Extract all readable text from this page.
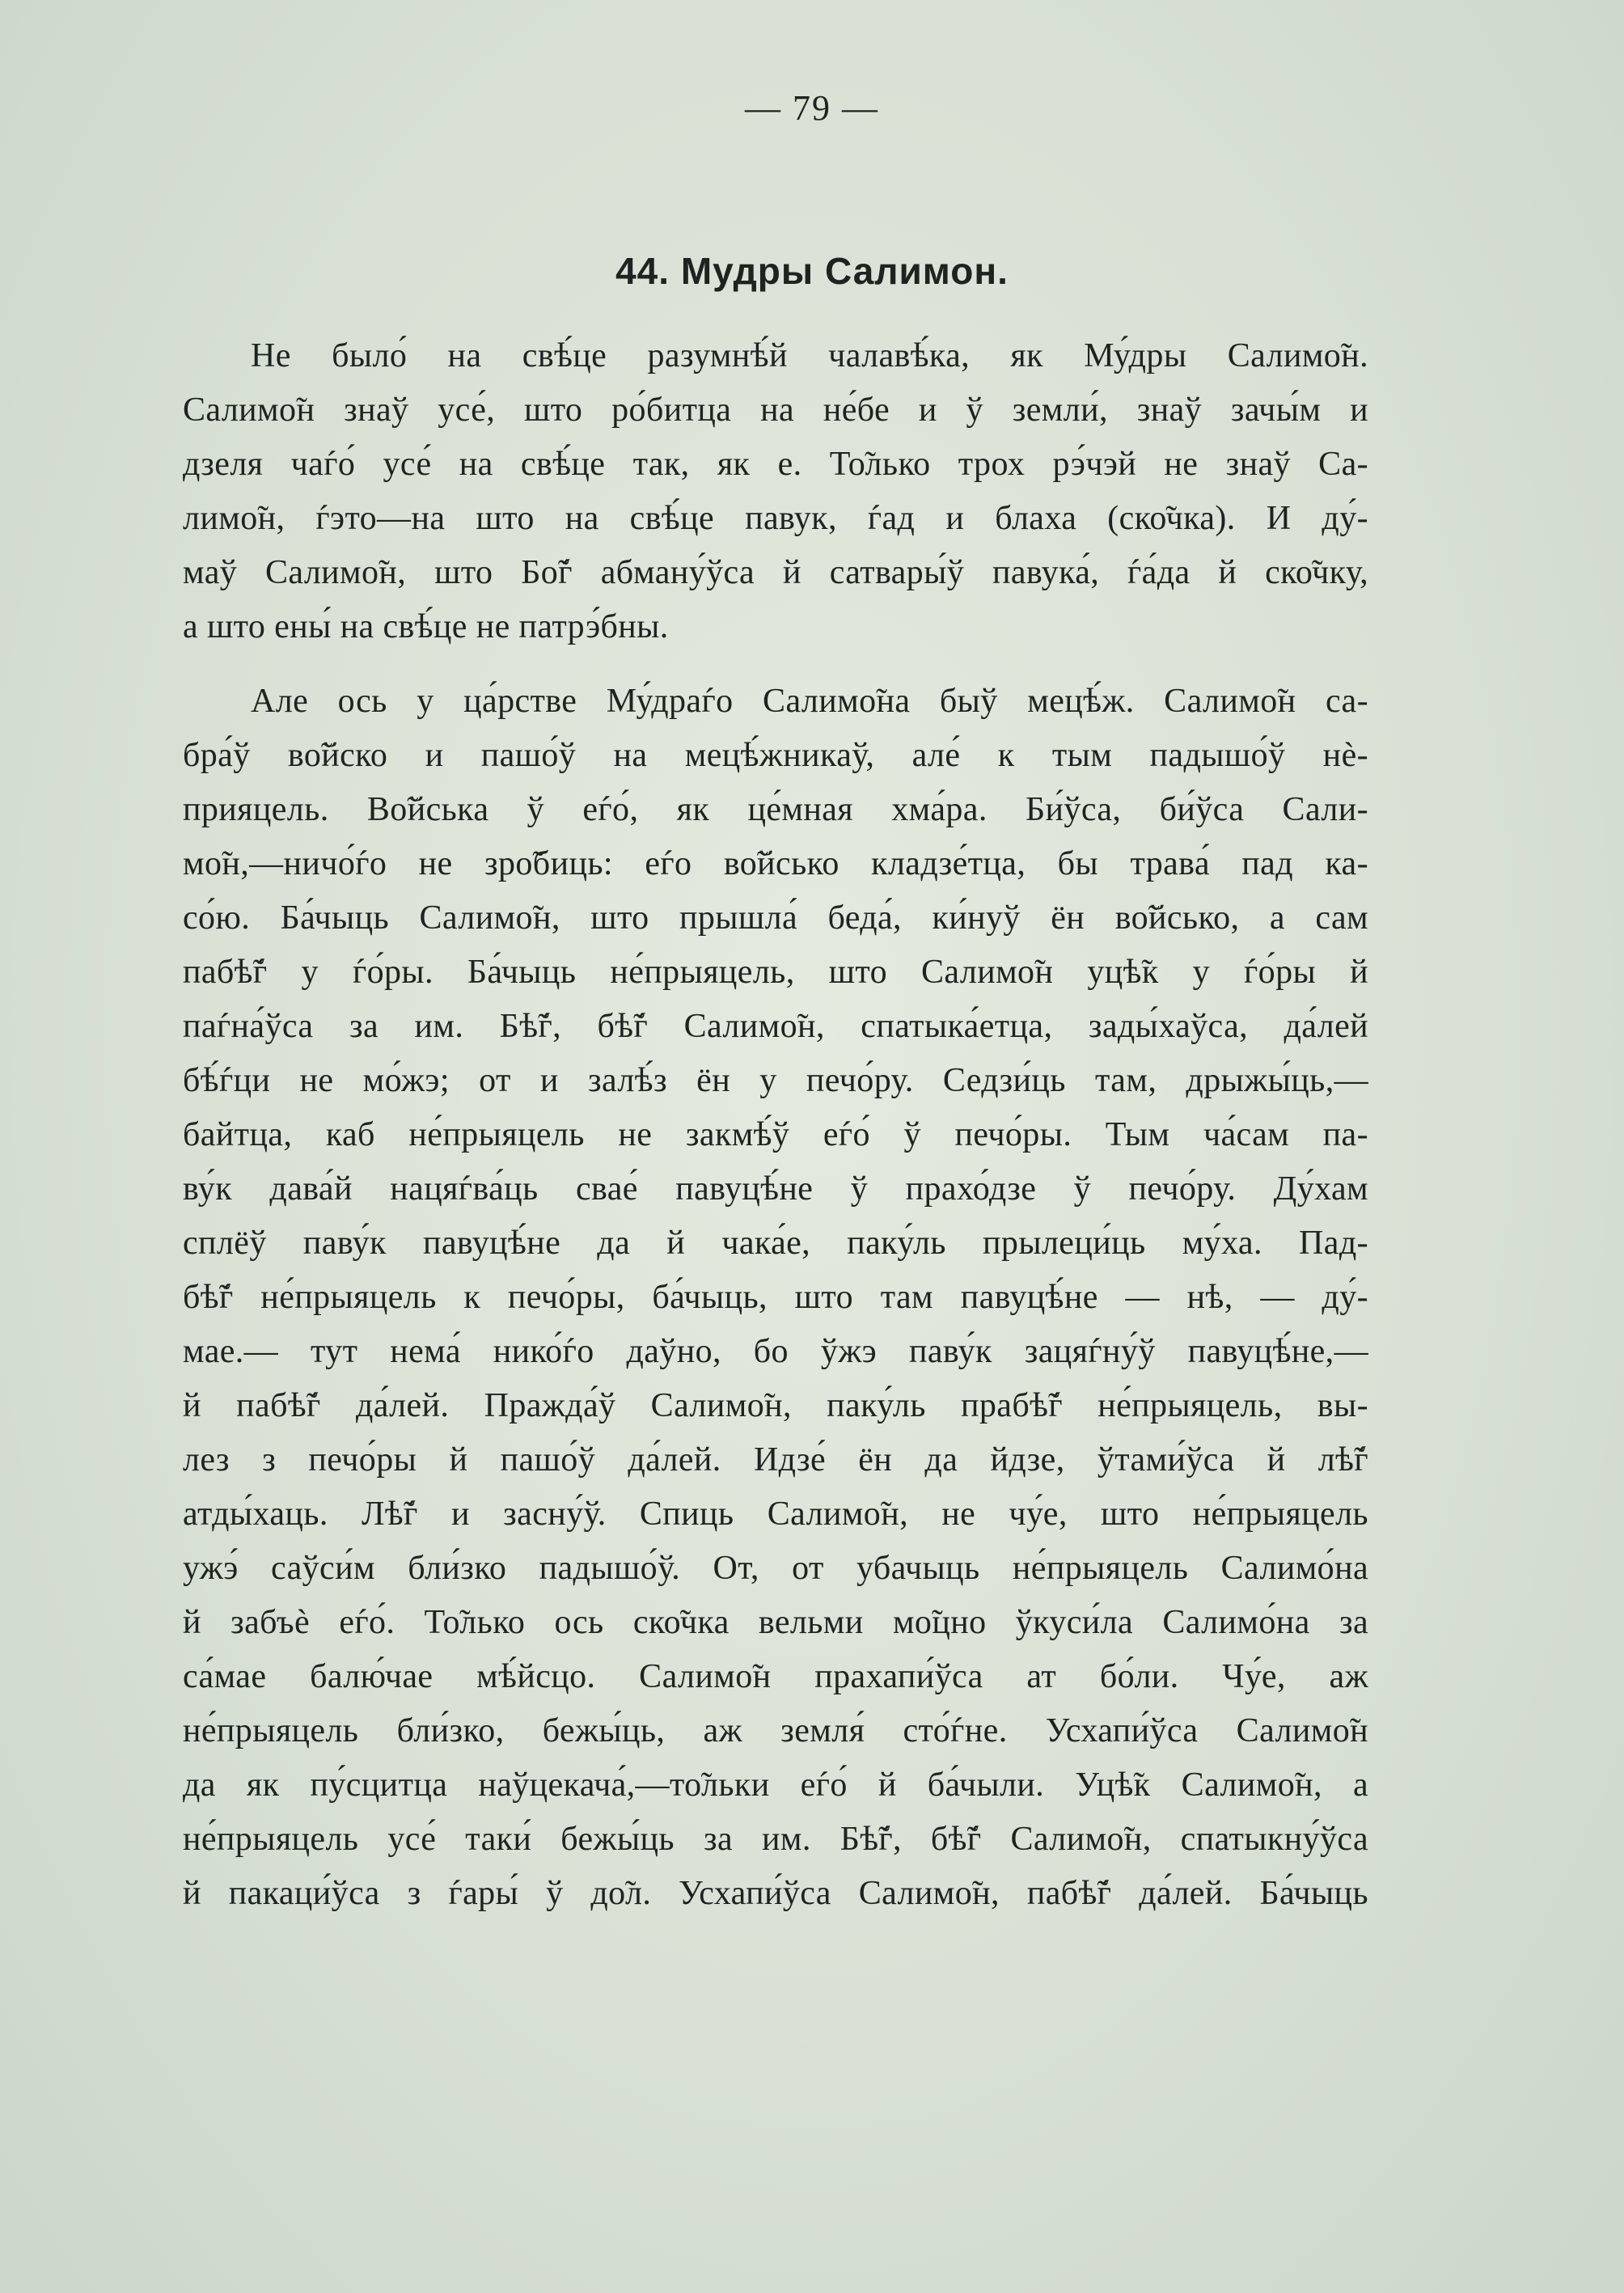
— 79 —
44. Мудры Салимон.
Не было́ на свѣ́це разумнѣ́й чалавѣ́ка, як Му́дры Салимо̃н.
Салимо̃н знаў усе́, што ро́битца на не́бе и ў земли́, знаў зачы́м и
дзеля чаѓо́ усе́ на свѣ́це так, як е. То̃лько трох рэ́чэй не знаў Са-
лимо̃н, ѓэто—на што на свѣ́це павук, ѓад и блаха (ско̃чка). И ду́-
маў Салимо̃н, што Бо̃ѓ абману́ўса й сатвары́ў павука́, ѓа́да й ско̃чку,
а што ены́ на свѣ́це не патрэ́бны.
Але ось у ца́рстве Му́драѓо Салимо̃на быў мецѣ́ж. Салимо̃н са-
бра́ў во̃йско и пашо́ў на мецѣ́жникаў, але́ к тым падышо́ў нѐ-
прияцель. Во̃йська ў еѓо́, як це́мная хма́ра. Би́ўса, би́ўса Сали-
мо̃н,—ничо́ѓо не зро̃биць: еѓо во̃йсько кладзе́тца, бы трава́ пад ка-
со́ю. Ба́чыць Салимо̃н, што прышла́ беда́, ки́нуў ён во̃йсько, а сам
пабѣ̃ѓ у ѓо́ры. Ба́чыць не́прыяцель, што Салимо̃н уцѣ̃к у ѓо́ры й
паѓна́ўса за им. Бѣ̃ѓ, бѣ̃ѓ Салимо̃н, спатыка́етца, зады́хаўса, да́лей
бѣ́ѓци не мо́жэ; от и залѣ́з ён у печо́ру. Седзи́ць там, дрыжы́ць,—
байтца, каб не́прыяцель не закмѣ́ў еѓо́ ў печо́ры. Тым ча́сам па-
ву́к дава́й нацяѓва́ць свае́ павуцѣ́не ў прахо́дзе ў печо́ру. Ду́хам
сплёў паву́к павуцѣ́не да й чака́е, паку́ль прылеци́ць му́ха. Пад-
бѣ̃ѓ не́прыяцель к печо́ры, ба́чыць, што там павуцѣ́не — нѣ, — ду́-
мае.— тут нема́ нико́ѓо даўно, бо ўжэ паву́к зацяѓну́ў павуцѣ́не,—
й пабѣ̃ѓ да́лей. Пражда́ў Салимо̃н, паку́ль прабѣ̃ѓ не́прыяцель, вы-
лез з печо́ры й пашо́ў да́лей. Идзе́ ён да йдзе, ўтами́ўса й лѣ̃ѓ
атды́хаць. Лѣ̃ѓ и засну́ў. Спиць Салимо̃н, не чу́е, што не́прыяцель
ужэ́ саўси́м бли́зко падышо́ў. От, от убачыць не́прыяцель Салимо́на
й забъѐ еѓо́. То̃лько ось ско̃чка вельми мо̃цно ўкуси́ла Салимо́на за
са́мае балю́чае мѣ́йсцо. Салимо̃н прахапи́ўса ат бо́ли. Чу́е, аж
не́прыяцель бли́зко, бежы́ць, аж земля́ сто́ѓне. Усхапи́ўса Салимо̃н
да як пу́сцитца наўцекача́,—то̃льки еѓо́ й ба́чыли. Уцѣ̃к Салимо̃н, а
не́прыяцель усе́ таки́ бежы́ць за им. Бѣ̃ѓ, бѣ̃ѓ Салимо̃н, спатыкну́ўса
й пакаци́ўса з ѓары́ ў до̃л. Усхапи́ўса Салимо̃н, пабѣ̃ѓ да́лей. Ба́чыць
